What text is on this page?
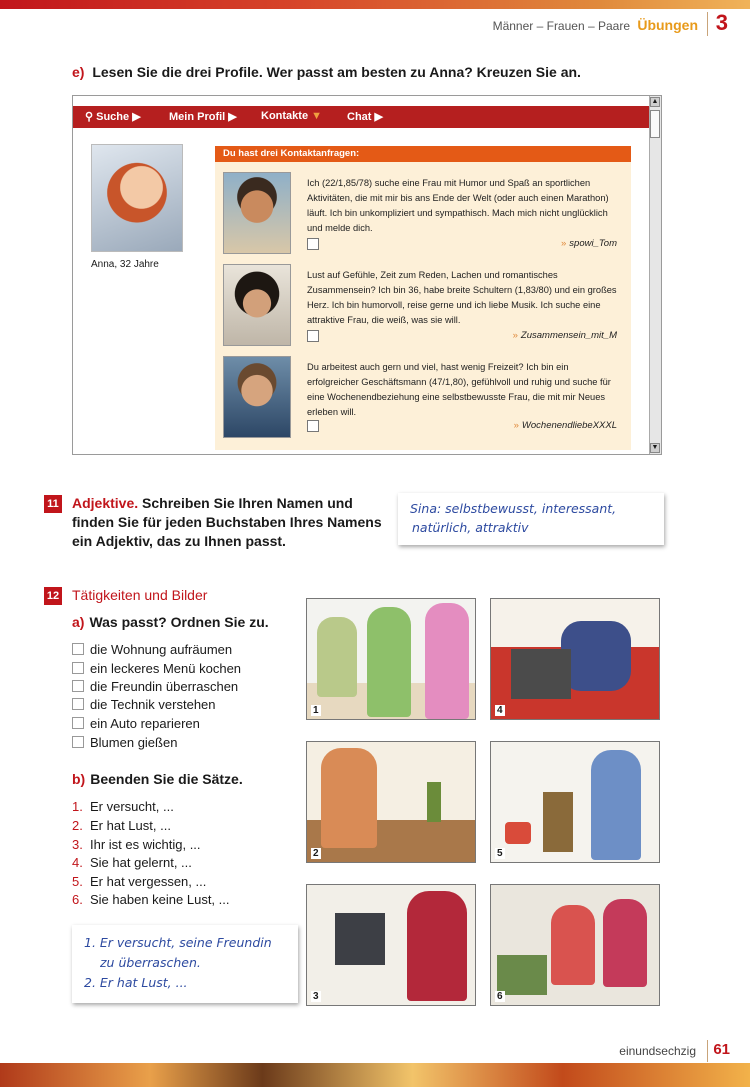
Männer – Frauen – Paare Übungen 3
e) Lesen Sie die drei Profile. Wer passt am besten zu Anna? Kreuzen Sie an.
⚲ Suche ▶	Mein Profil ▶ Kontakte ▼ Chat ▶
▲
▼
Anna, 32 Jahre
Du hast drei Kontaktanfragen:
Ich (22/1,85/78) suche eine Frau mit Humor und Spaß an sportlichen Aktivitäten, die mit mir bis ans Ende der Welt (oder auch einen Marathon) läuft. Ich bin unkompliziert und sympathisch. Mach mich nicht unglücklich und melde dich.
» spowi_Tom
Lust auf Gefühle, Zeit zum Reden, Lachen und romantisches Zusammensein? Ich bin 36, habe breite Schultern (1,83/80) und ein großes Herz. Ich bin humorvoll, reise gerne und ich liebe Musik. Ich suche eine attraktive Frau, die weiß, was sie will.
» Zusammensein_mit_M
Du arbeitest auch gern und viel, hast wenig Freizeit? Ich bin ein erfolgreicher Geschäftsmann (47/1,80), gefühlvoll und ruhig und suche für eine Wochenendbeziehung eine selbstbewusste Frau, die mit mir Neues erleben will.
» WochenendliebeXXXL
11 Adjektive. Schreiben Sie Ihren Namen und
finden Sie für jeden Buchstaben Ihres Namens
ein Adjektiv, das zu Ihnen passt.
Sina: selbstbewusst, interessant,
natürlich, attraktiv
12 Tätigkeiten und Bilder
a) Was passt? Ordnen Sie zu.
die Wohnung aufräumen
ein leckeres Menü kochen
die Freundin überraschen
die Technik verstehen
ein Auto reparieren
Blumen gießen
b) Beenden Sie die Sätze.
1. Er versucht, ...
2. Er hat Lust, ...
3. Ihr ist es wichtig, ...
4. Sie hat gelernt, ...
5. Er hat vergessen, ...
6. Sie haben keine Lust, ...
1. Er versucht, seine Freundin
zu überraschen.
2. Er hat Lust, ...
1	4
2	5
3	6
einundsechzig 61
